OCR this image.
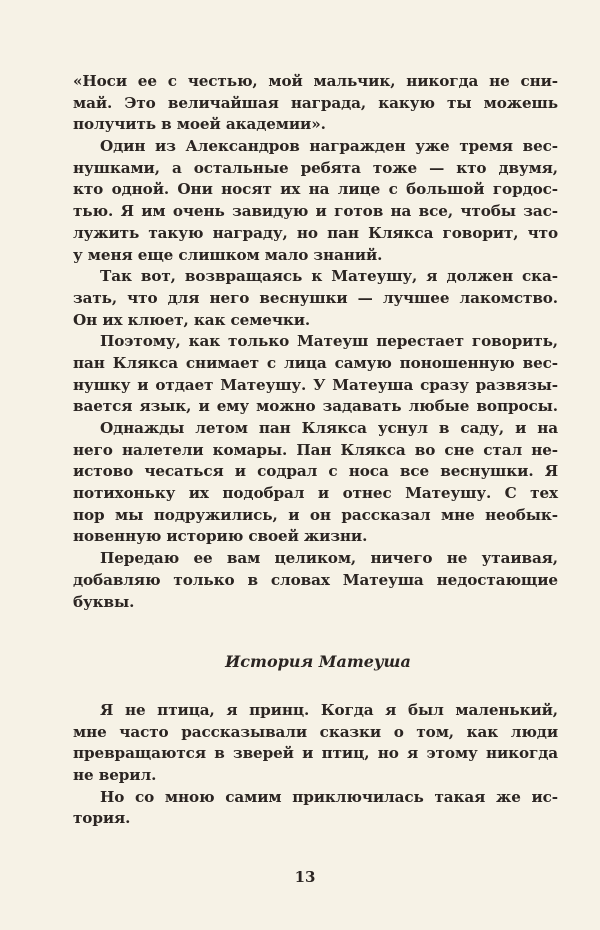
«Носи ее с честью, мой мальчик, никогда не сни-
май. Это величайшая награда, какую ты можешь
получить в моей академии».
Один из Александров награжден уже тремя вес-
нушками, а остальные ребята тоже — кто двумя,
кто одной. Они носят их на лице с большой гордос-
тью. Я им очень завидую и готов на все, чтобы зас-
лужить такую награду, но пан Клякса говорит, что
у меня еще слишком мало знаний.
Так вот, возвращаясь к Матеушу, я должен ска-
зать, что для него веснушки — лучшее лакомство.
Он их клюет, как семечки.
Поэтому, как только Матеуш перестает говорить,
пан Клякса снимает с лица самую поношенную вес-
нушку и отдает Матеушу. У Матеуша сразу развязы-
вается язык, и ему можно задавать любые вопросы.
Однажды летом пан Клякса уснул в саду, и на
него налетели комары. Пан Клякса во сне стал не-
истово чесаться и содрал с носа все веснушки. Я
потихоньку их подобрал и отнес Матеушу. С тех
пор мы подружились, и он рассказал мне необык-
новенную историю своей жизни.
Передаю ее вам целиком, ничего не утаивая,
добавляю только в словах Матеуша недостающие
буквы.
История Матеуша
Я не птица, я принц. Когда я был маленький,
мне часто рассказывали сказки о том, как люди
превращаются в зверей и птиц, но я этому никогда
не верил.
Но со мною самим приключилась такая же ис-
тория.
13
